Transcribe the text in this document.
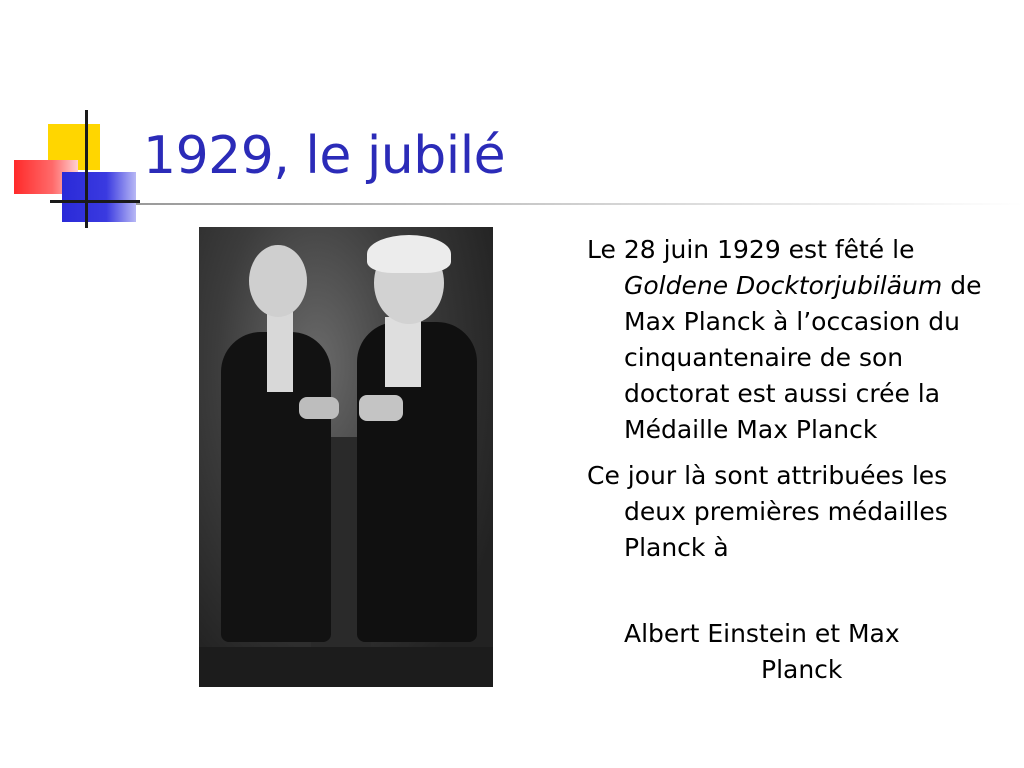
1929, le jubilé

Le 28 juin 1929 est fêté le Goldene Docktorjubiläum de Max Planck à l’occasion du cinquantenaire de son doctorat est aussi crée la Médaille Max Planck

Ce jour là sont attribuées les deux premières médailles Planck à

Albert Einstein et Max
Planck
